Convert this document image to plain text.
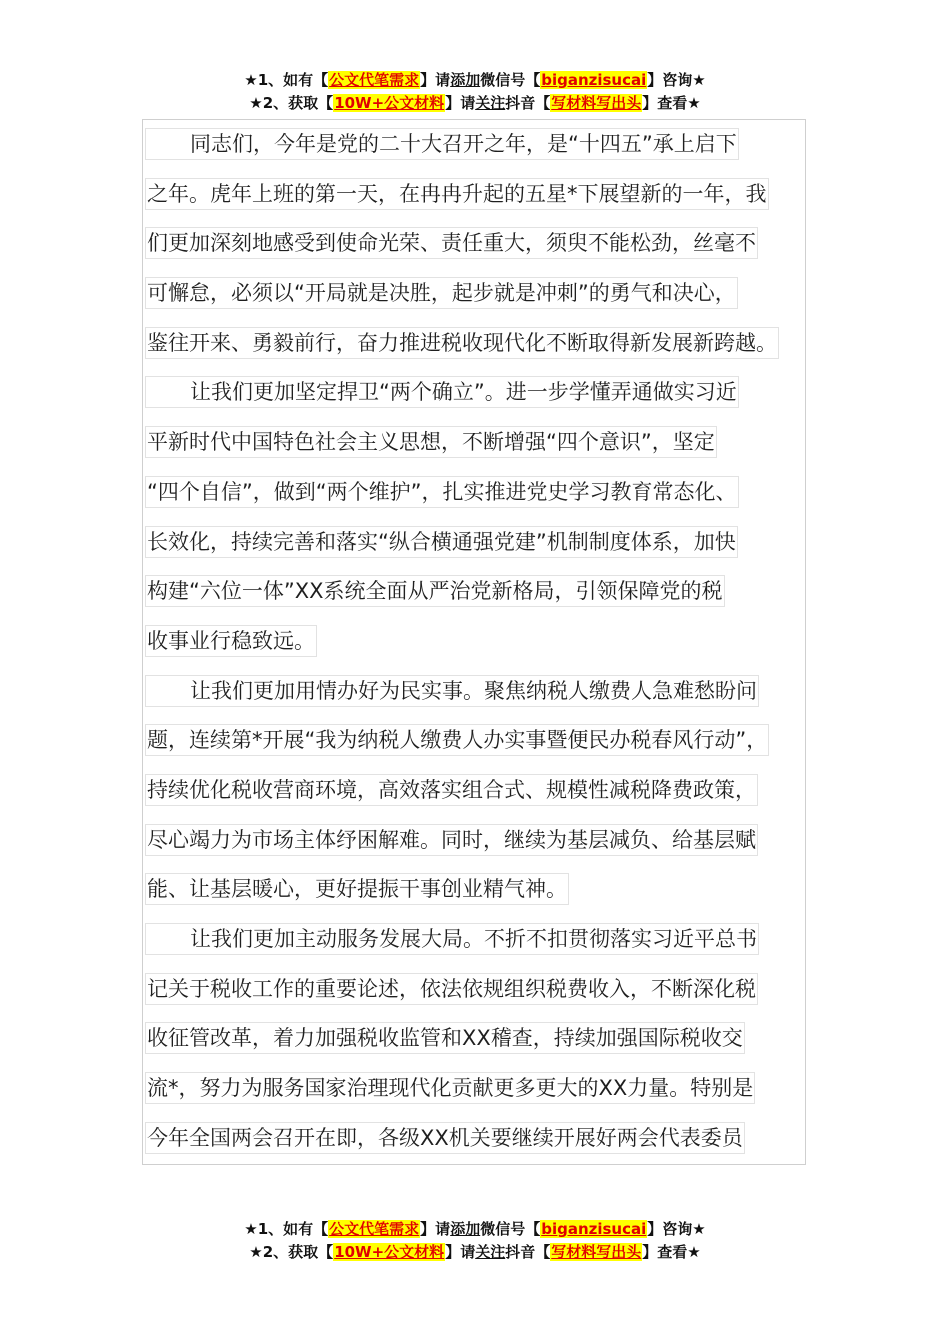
★1、如有【公文代笔需求】请添加微信号【biganzisucai】咨询★
★2、获取【10W+公文材料】请关注抖音【写材料写出头】查看★
同志们，今年是党的二十大召开之年，是“十四五”承上启下
之年。虎年上班的第一天，在冉冉升起的五星*下展望新的一年，我
们更加深刻地感受到使命光荣、责任重大，须臾不能松劲，丝毫不
可懈怠，必须以“开局就是决胜，起步就是冲刺”的勇气和决心，
鉴往开来、勇毅前行，奋力推进税收现代化不断取得新发展新跨越。
让我们更加坚定捍卫“两个确立”。进一步学懂弄通做实习近
平新时代中国特色社会主义思想，不断增强“四个意识”，坚定
“四个自信”，做到“两个维护”，扎实推进党史学习教育常态化、
长效化，持续完善和落实“纵合横通强党建”机制制度体系，加快
构建“六位一体”XX系统全面从严治党新格局，引领保障党的税
收事业行稳致远。
让我们更加用情办好为民实事。聚焦纳税人缴费人急难愁盼问
题，连续第*开展“我为纳税人缴费人办实事暨便民办税春风行动”，
持续优化税收营商环境，高效落实组合式、规模性减税降费政策，
尽心竭力为市场主体纾困解难。同时，继续为基层减负、给基层赋
能、让基层暖心，更好提振干事创业精气神。
让我们更加主动服务发展大局。不折不扣贯彻落实习近平总书
记关于税收工作的重要论述，依法依规组织税费收入，不断深化税
收征管改革，着力加强税收监管和XX稽查，持续加强国际税收交
流*，努力为服务国家治理现代化贡献更多更大的XX力量。特别是
今年全国两会召开在即，各级XX机关要继续开展好两会代表委员
★1、如有【公文代笔需求】请添加微信号【biganzisucai】咨询★
★2、获取【10W+公文材料】请关注抖音【写材料写出头】查看★
